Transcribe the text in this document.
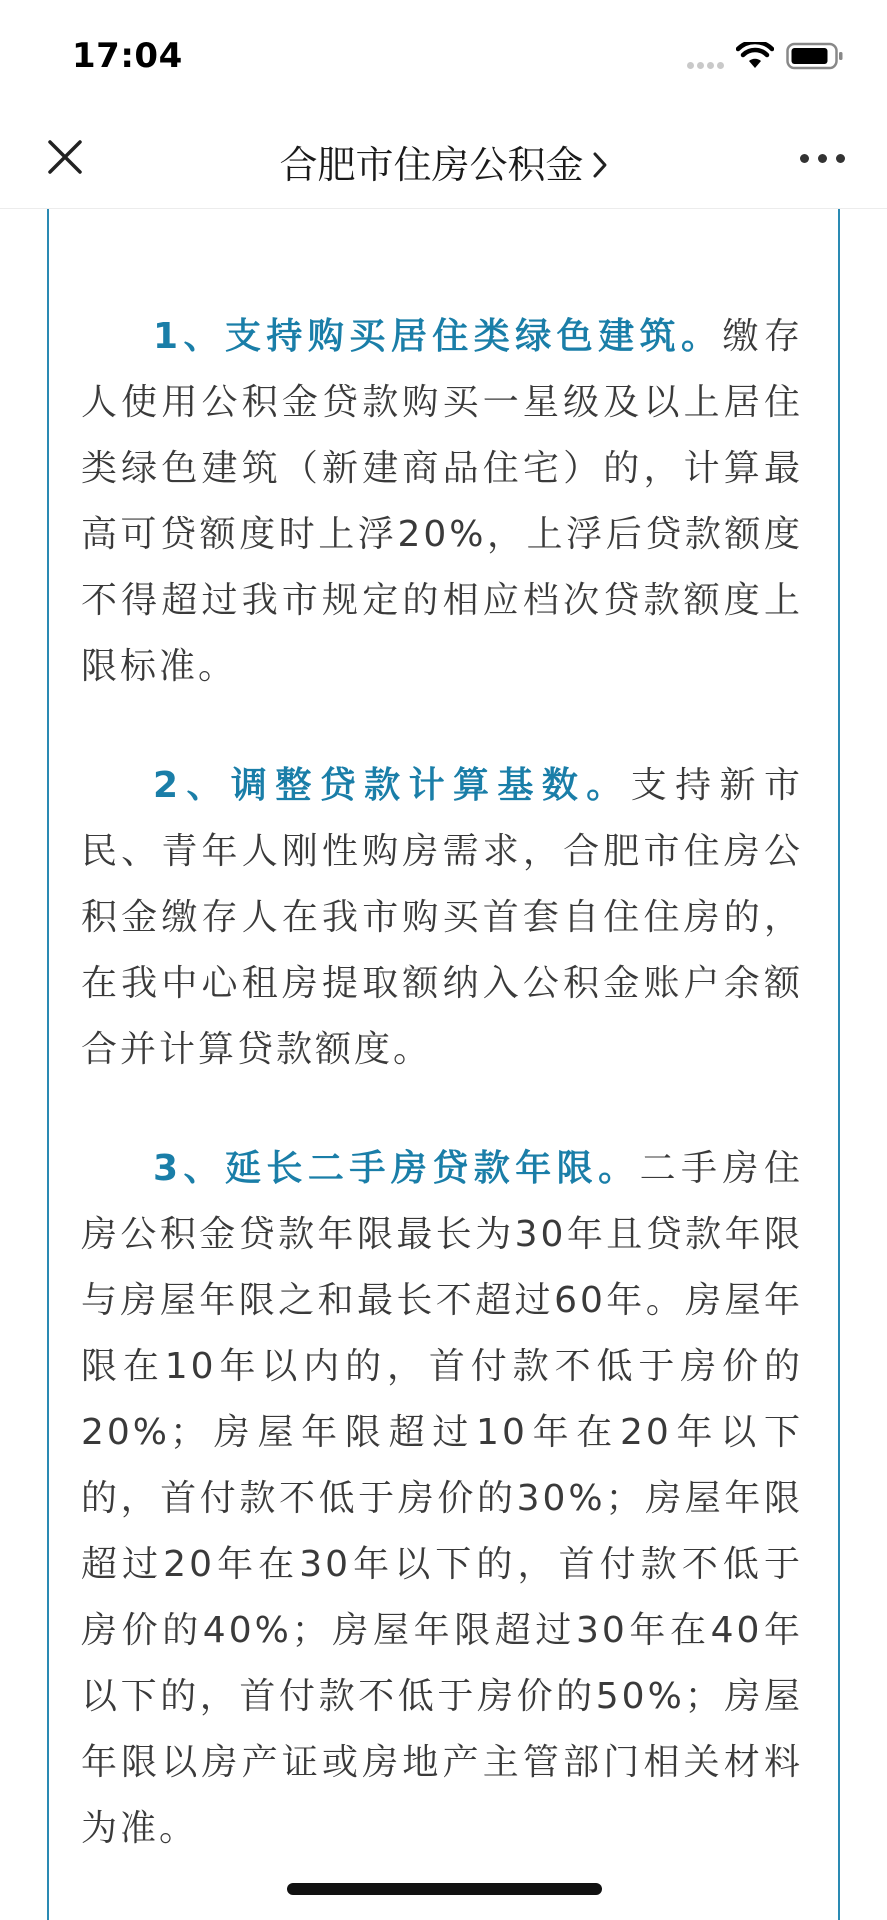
17:04
合肥市住房公积金

1、支持购买居住类绿色建筑。缴存人使用公积金贷款购买一星级及以上居住类绿色建筑（新建商品住宅）的，计算最高可贷额度时上浮20%，上浮后贷款额度不得超过我市规定的相应档次贷款额度上限标准。

2、调整贷款计算基数。支持新市民、青年人刚性购房需求，合肥市住房公积金缴存人在我市购买首套自住住房的，在我中心租房提取额纳入公积金账户余额合并计算贷款额度。

3、延长二手房贷款年限。二手房住房公积金贷款年限最长为30年且贷款年限与房屋年限之和最长不超过60年。房屋年限在10年以内的，首付款不低于房价的20%；房屋年限超过10年在20年以下的，首付款不低于房价的30%；房屋年限超过20年在30年以下的，首付款不低于房价的40%；房屋年限超过30年在40年以下的，首付款不低于房价的50%；房屋年限以房产证或房地产主管部门相关材料为准。
